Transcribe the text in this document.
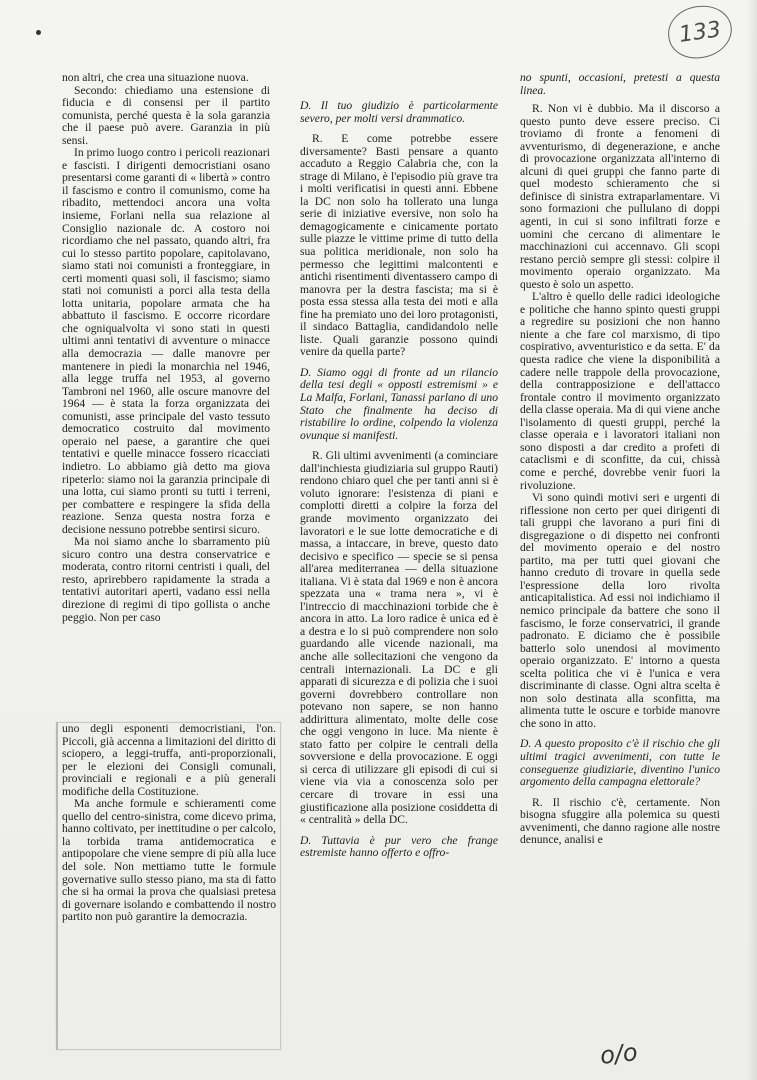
133

non altri, che crea una situazione nuova.

Secondo: chiediamo una estensione di fiducia e di consensi per il partito comunista, perché questa è la sola garanzia che il paese può avere. Garanzia in più sensi.

In primo luogo contro i pericoli reazionari e fascisti. I dirigenti democristiani osano presentarsi come garanti di « libertà » contro il fascismo e contro il comunismo, come ha ribadito, mettendoci ancora una volta insieme, Forlani nella sua relazione al Consiglio nazionale dc. A costoro noi ricordiamo che nel passato, quando altri, fra cui lo stesso partito popolare, capitolavano, siamo stati noi comunisti a fronteggiare, in certi momenti quasi soli, il fascismo; siamo stati noi comunisti a porci alla testa della lotta unitaria, popolare armata che ha abbattuto il fascismo. E occorre ricordare che ogniqualvolta vi sono stati in questi ultimi anni tentativi di avventure o minacce alla democrazia — dalle manovre per mantenere in piedi la monarchia nel 1946, alla legge truffa nel 1953, al governo Tambroni nel 1960, alle oscure manovre del 1964 — è stata la forza organizzata dei comunisti, asse principale del vasto tessuto democratico costruito dal movimento operaio nel paese, a garantire che quei tentativi e quelle minacce fossero ricacciati indietro. Lo abbiamo già detto ma giova ripeterlo: siamo noi la garanzia principale di una lotta, cui siamo pronti su tutti i terreni, per combattere e respingere la sfida della reazione. Senza questa nostra forza e decisione nessuno potrebbe sentirsi sicuro.

Ma noi siamo anche lo sbarramento più sicuro contro una destra conservatrice e moderata, contro ritorni centristi i quali, del resto, aprirebbero rapidamente la strada a tentativi autoritari aperti, vadano essi nella direzione di regimi di tipo gollista o anche peggio. Non per caso

uno degli esponenti democristiani, l'on. Piccoli, già accenna a limitazioni del diritto di sciopero, a leggi-truffa, anti-proporzionali, per le elezioni dei Consigli comunali, provinciali e regionali e a più generali modifiche della Costituzione.

Ma anche formule e schieramenti come quello del centro-sinistra, come dicevo prima, hanno coltivato, per inettitudine o per calcolo, la torbida trama antidemocratica e antipopolare che viene sempre di più alla luce del sole. Non mettiamo tutte le formule governative sullo stesso piano, ma sta di fatto che si ha ormai la prova che qualsiasi pretesa di governare isolando e combattendo il nostro partito non può garantire la democrazia.

D. Il tuo giudizio è particolarmente severo, per molti versi drammatico.

R. E come potrebbe essere diversamente? Basti pensare a quanto accaduto a Reggio Calabria che, con la strage di Milano, è l'episodio più grave tra i molti verificatisi in questi anni. Ebbene la DC non solo ha tollerato una lunga serie di iniziative eversive, non solo ha demagogicamente e cinicamente portato sulle piazze le vittime prime di tutto della sua politica meridionale, non solo ha permesso che legittimi malcontenti e antichi risentimenti diventassero campo di manovra per la destra fascista; ma si è posta essa stessa alla testa dei moti e alla fine ha premiato uno dei loro protagonisti, il sindaco Battaglia, candidandolo nelle liste. Quali garanzie possono quindi venire da quella parte?

D. Siamo oggi di fronte ad un rilancio della tesi degli « opposti estremismi » e La Malfa, Forlani, Tanassi parlano di uno Stato che finalmente ha deciso di ristabilire lo ordine, colpendo la violenza ovunque si manifesti.

R. Gli ultimi avvenimenti (a cominciare dall'inchiesta giudiziaria sul gruppo Rauti) rendono chiaro quel che per tanti anni si è voluto ignorare: l'esistenza di piani e complotti diretti a colpire la forza del grande movimento organizzato dei lavoratori e le sue lotte democratiche e di massa, a intaccare, in breve, questo dato decisivo e specifico — specie se si pensa all'area mediterranea — della situazione italiana. Vi è stata dal 1969 e non è ancora spezzata una « trama nera », vi è l'intreccio di macchinazioni torbide che è ancora in atto. La loro radice è unica ed è a destra e lo si può comprendere non solo guardando alle vicende nazionali, ma anche alle sollecitazioni che vengono da centrali internazionali. La DC e gli apparati di sicurezza e di polizia che i suoi governi dovrebbero controllare non potevano non sapere, se non hanno addirittura alimentato, molte delle cose che oggi vengono in luce. Ma niente è stato fatto per colpire le centrali della sovversione e della provocazione. E oggi si cerca di utilizzare gli episodi di cui si viene via via a conoscenza solo per cercare di trovare in essi una giustificazione alla posizione cosiddetta di « centralità » della DC.

D. Tuttavia è pur vero che frange estremiste hanno offerto e offro-

no spunti, occasioni, pretesti a questa linea.

R. Non vi è dubbio. Ma il discorso a questo punto deve essere preciso. Ci troviamo di fronte a fenomeni di avventurismo, di degenerazione, e anche di provocazione organizzata all'interno di alcuni di quei gruppi che fanno parte di quel modesto schieramento che si definisce di sinistra extraparlamentare. Vi sono formazioni che pullulano di doppi agenti, in cui si sono infiltrati forze e uomini che cercano di alimentare le macchinazioni cui accennavo. Gli scopi restano perciò sempre gli stessi: colpire il movimento operaio organizzato. Ma questo è solo un aspetto.

L'altro è quello delle radici ideologiche e politiche che hanno spinto questi gruppi a regredire su posizioni che non hanno niente a che fare col marxismo, di tipo cospirativo, avventuristico e da setta. E' da questa radice che viene la disponibilità a cadere nelle trappole della provocazione, della contrapposizione e dell'attacco frontale contro il movimento organizzato della classe operaia. Ma di qui viene anche l'isolamento di questi gruppi, perché la classe operaia e i lavoratori italiani non sono disposti a dar credito a profeti di cataclismi e di sconfitte, da cui, chissà come e perché, dovrebbe venir fuori la rivoluzione.

Vi sono quindi motivi seri e urgenti di riflessione non certo per quei dirigenti di tali gruppi che lavorano a puri fini di disgregazione o di dispetto nei confronti del movimento operaio e del nostro partito, ma per tutti quei giovani che hanno creduto di trovare in quella sede l'espressione della loro rivolta anticapitalistica. Ad essi noi indichiamo il nemico principale da battere che sono il fascismo, le forze conservatrici, il grande padronato. E diciamo che è possibile batterlo solo unendosi al movimento operaio organizzato. E' intorno a questa scelta politica che vi è l'unica e vera discriminante di classe. Ogni altra scelta è non solo destinata alla sconfitta, ma alimenta tutte le oscure e torbide manovre che sono in atto.

D. A questo proposito c'è il rischio che gli ultimi tragici avvenimenti, con tutte le conseguenze giudiziarie, diventino l'unico argomento della campagna elettorale?

R. Il rischio c'è, certamente. Non bisogna sfuggire alla polemica su questi avvenimenti, che danno ragione alle nostre denunce, analisi e

o/o
